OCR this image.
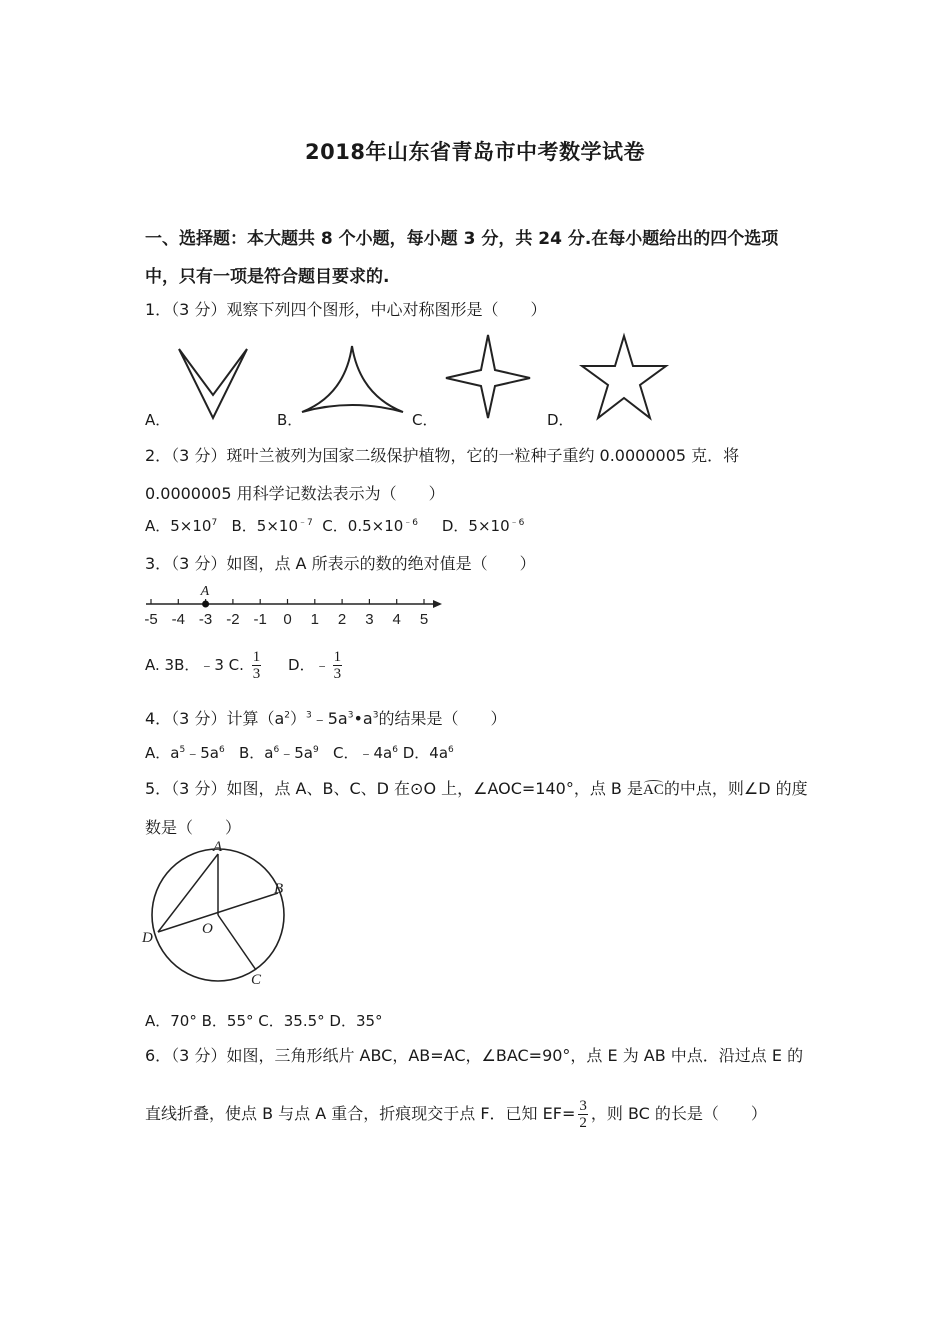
2018年山东省青岛市中考数学试卷
一、选择题：本大题共 8 个小题，每小题 3 分，共 24 分.在每小题给出的四个选项
中，只有一项是符合题目要求的.
1．（3 分）观察下列四个图形，中心对称图形是（　　）
A．	B．	C．	D．
2．（3 分）斑叶兰被列为国家二级保护植物，它的一粒种子重约 0.0000005 克．将
0.0000005 用科学记数法表示为（　　）
A．$5\times 10^7$ B．$5\times 10^{﹣7}$ C．$0.5\times 10^{﹣6}$ D．$5\times 10^{﹣6}$
3．（3 分）如图，点 A 所表示的数的绝对值是（　　）
-5 -4 -3 -2 -1 0 1 2 3 4 5
A
A. 3B．﹣3 C. $\frac{1}{3}$ D．﹣ $\frac{1}{3}$
4．（3 分）计算$(a^2)^3﹣5a^3•a^3$的结果是（　　）
A．$a^5﹣5a^6$ B．$a^6﹣5a^9$ C．$﹣4a^6$ D．$4a^6$
5．（3 分）如图，点 A、B、C、D 在⊙O 上，∠AOC=140°，点 B 是AC的中点，则∠D 的度
数是（　　）
A
B
C
D
O
A．70° B．55° C．35.5° D．35°
6．（3 分）如图，三角形纸片 ABC，AB=AC，∠BAC=90°，点 E 为 AB 中点．沿过点 E 的
直线折叠，使点 B 与点 A 重合，折痕现交于点 F．已知 $EF= \frac{3}{2}$ ，则 BC 的长是（　　）
